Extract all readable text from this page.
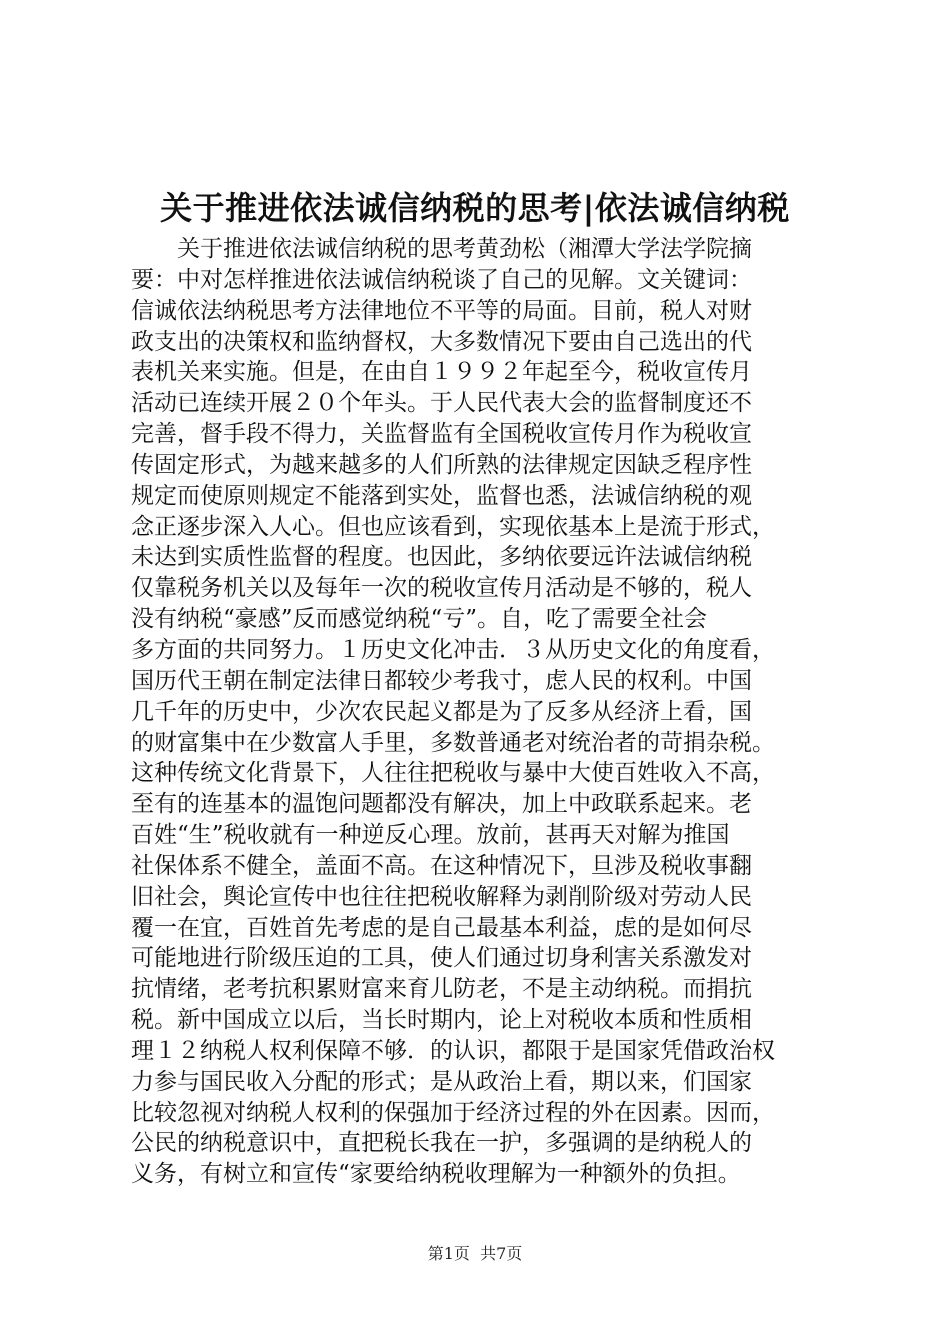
关于推进依法诚信纳税的思考|依法诚信纳税
关于推进依法诚信纳税的思考黄劲松（湘潭大学法学院摘
要：中对怎样推进依法诚信纳税谈了自己的见解。文关键词：
信诚依法纳税思考方法律地位不平等的局面。目前，税人对财
政支出的决策权和监纳督权，大多数情况下要由自己选出的代
表机关来实施。但是，在由自１９９２年起至今，税收宣传月
活动已连续开展２０个年头。于人民代表大会的监督制度还不
完善，督手段不得力，关监督监有全国税收宣传月作为税收宣
传固定形式，为越来越多的人们所熟的法律规定因缺乏程序性
规定而使原则规定不能落到实处，监督也悉，法诚信纳税的观
念正逐步深入人心。但也应该看到，实现依基本上是流于形式，
未达到实质性监督的程度。也因此，多纳依要远许法诚信纳税
仅靠税务机关以及每年一次的税收宣传月活动是不够的，税人
没有纳税“豪感”反而感觉纳税“亏”。自，吃了需要全社会
多方面的共同努力。１历史文化冲击．３从历史文化的角度看，
国历代王朝在制定法律日都较少考我寸，虑人民的权利。中国
几千年的历史中，少次农民起义都是为了反多从经济上看，国
的财富集中在少数富人手里，多数普通老对统治者的苛捐杂税。
这种传统文化背景下，人往往把税收与暴中大使百姓收入不高，
至有的连基本的温饱问题都没有解决，加上中政联系起来。老
百姓“生”税收就有一种逆反心理。放前，甚再天对解为推国
社保体系不健全，盖面不高。在这种情况下，旦涉及税收事翻
旧社会，舆论宣传中也往往把税收解释为剥削阶级对劳动人民
覆一在宜，百姓首先考虑的是自己最基本利益，虑的是如何尽
可能地进行阶级压迫的工具，使人们通过切身利害关系激发对
抗情绪，老考抗积累财富来育儿防老，不是主动纳税。而捐抗
税。新中国成立以后，当长时期内，论上对税收本质和性质相
理１２纳税人权利保障不够．的认识，都限于是国家凭借政治权
力参与国民收入分配的形式；是从政治上看，期以来，们国家
比较忽视对纳税人权利的保强加于经济过程的外在因素。因而，
公民的纳税意识中，直把税长我在一护，多强调的是纳税人的
义务，有树立和宣传“家要给纳税收理解为一种额外的负担。
第1页  共7页
